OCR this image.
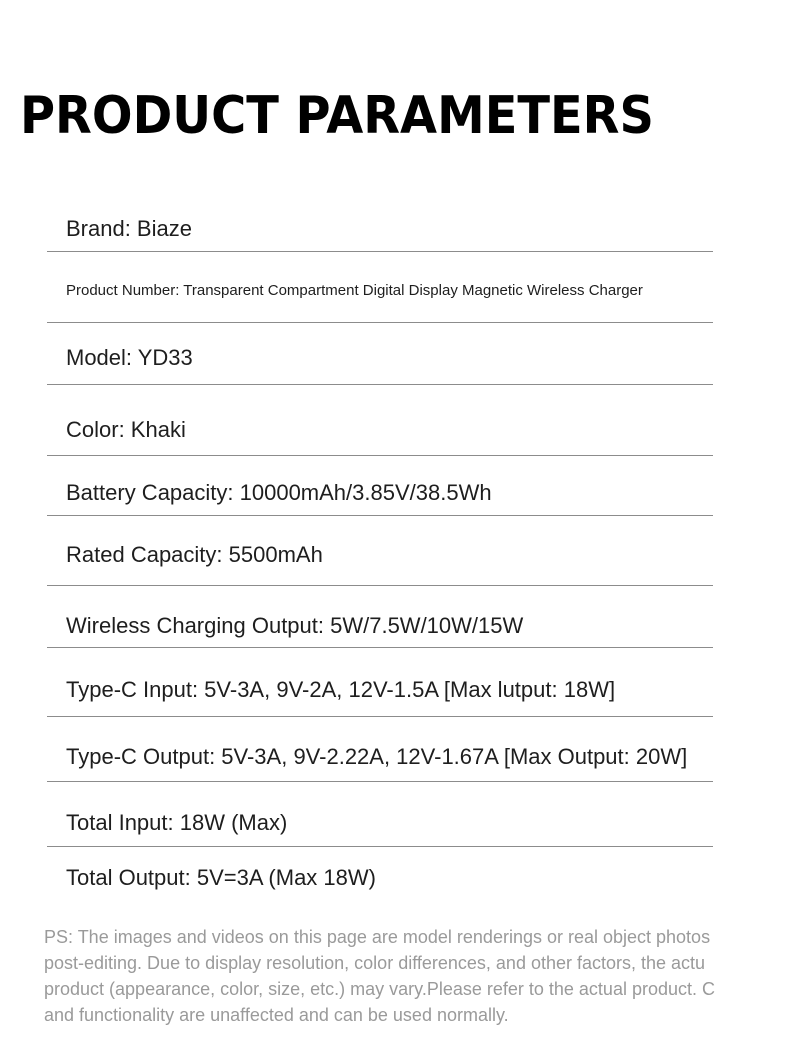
PRODUCT PARAMETERS
Brand: Biaze
Product Number: Transparent Compartment Digital Display Magnetic Wireless Charger
Model: YD33
Color: Khaki
Battery Capacity: 10000mAh/3.85V/38.5Wh
Rated Capacity: 5500mAh
Wireless Charging Output: 5W/7.5W/10W/15W
Type-C Input: 5V-3A, 9V-2A, 12V-1.5A [Max lutput: 18W]
Type-C Output: 5V-3A, 9V-2.22A, 12V-1.67A [Max Output: 20W]
Total Input: 18W (Max)
Total Output: 5V=3A (Max 18W)
PS: The images and videos on this page are model renderings or real object photos
post-editing. Due to display resolution, color differences, and other factors, the actu
product (appearance, color, size, etc.) may vary.Please refer to the actual product. C
and functionality are unaffected and can be used normally.
